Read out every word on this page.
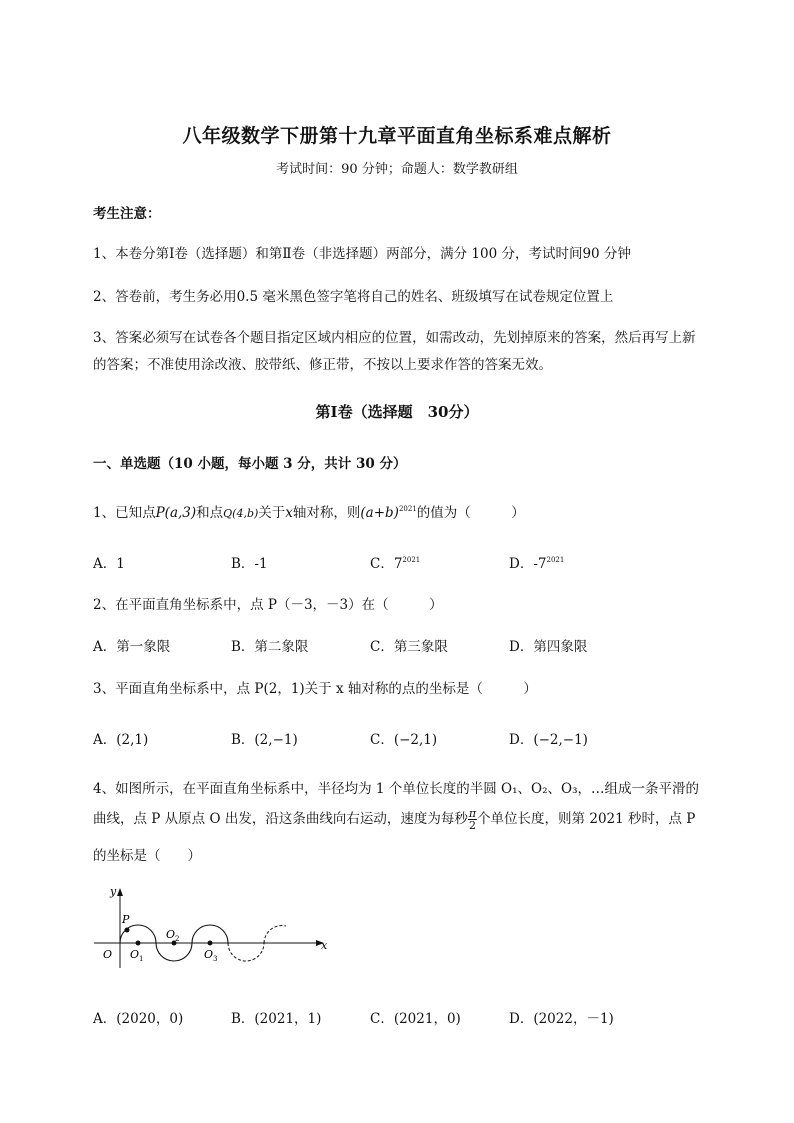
八年级数学下册第十九章平面直角坐标系难点解析
考试时间：90 分钟；命题人：数学教研组
考生注意：
1、本卷分第Ⅰ卷（选择题）和第Ⅱ卷（非选择题）两部分，满分 100 分，考试时间90 分钟
2、答卷前，考生务必用0.5 毫米黑色签字笔将自己的姓名、班级填写在试卷规定位置上
3、答案必须写在试卷各个题目指定区域内相应的位置，如需改动，先划掉原来的答案，然后再写上新
的答案；不准使用涂改液、胶带纸、修正带，不按以上要求作答的答案无效。
第Ⅰ卷（选择题　30分）
一、单选题（10 小题，每小题 3 分，共计 30 分）
1、已知点P(a,3)和点Q(4,b)关于x轴对称，则$(a+b)^{2021}$的值为（　　　）
A．1	B．-1	C．$7^{2021}$	D．$-7^{2021}$
2、在平面直角坐标系中，点 P（－3，－3）在（　　　）
A．第一象限	B．第二象限	C．第三象限	D．第四象限
3、平面直角坐标系中，点 P(2，1)关于 x 轴对称的点的坐标是（　　　）
A．(2,1)	B．(2,−1)	C．(−2,1)	D．(−2,−1)
4、如图所示，在平面直角坐标系中，半径均为 1 个单位长度的半圆 O₁、O₂、O₃，…组成一条平滑的
曲线，点 P 从原点 O 出发，沿这条曲线向右运动，速度为每秒 $\frac{\pi}{2}$ 个单位长度，则第 2021 秒时，点 P
的坐标是（　　）
y
x
O
P
$O_1$
$O_2$
$O_3$
A．(2020，0)	B．(2021，1)	C．(2021，0)	D．(2022，－1)
